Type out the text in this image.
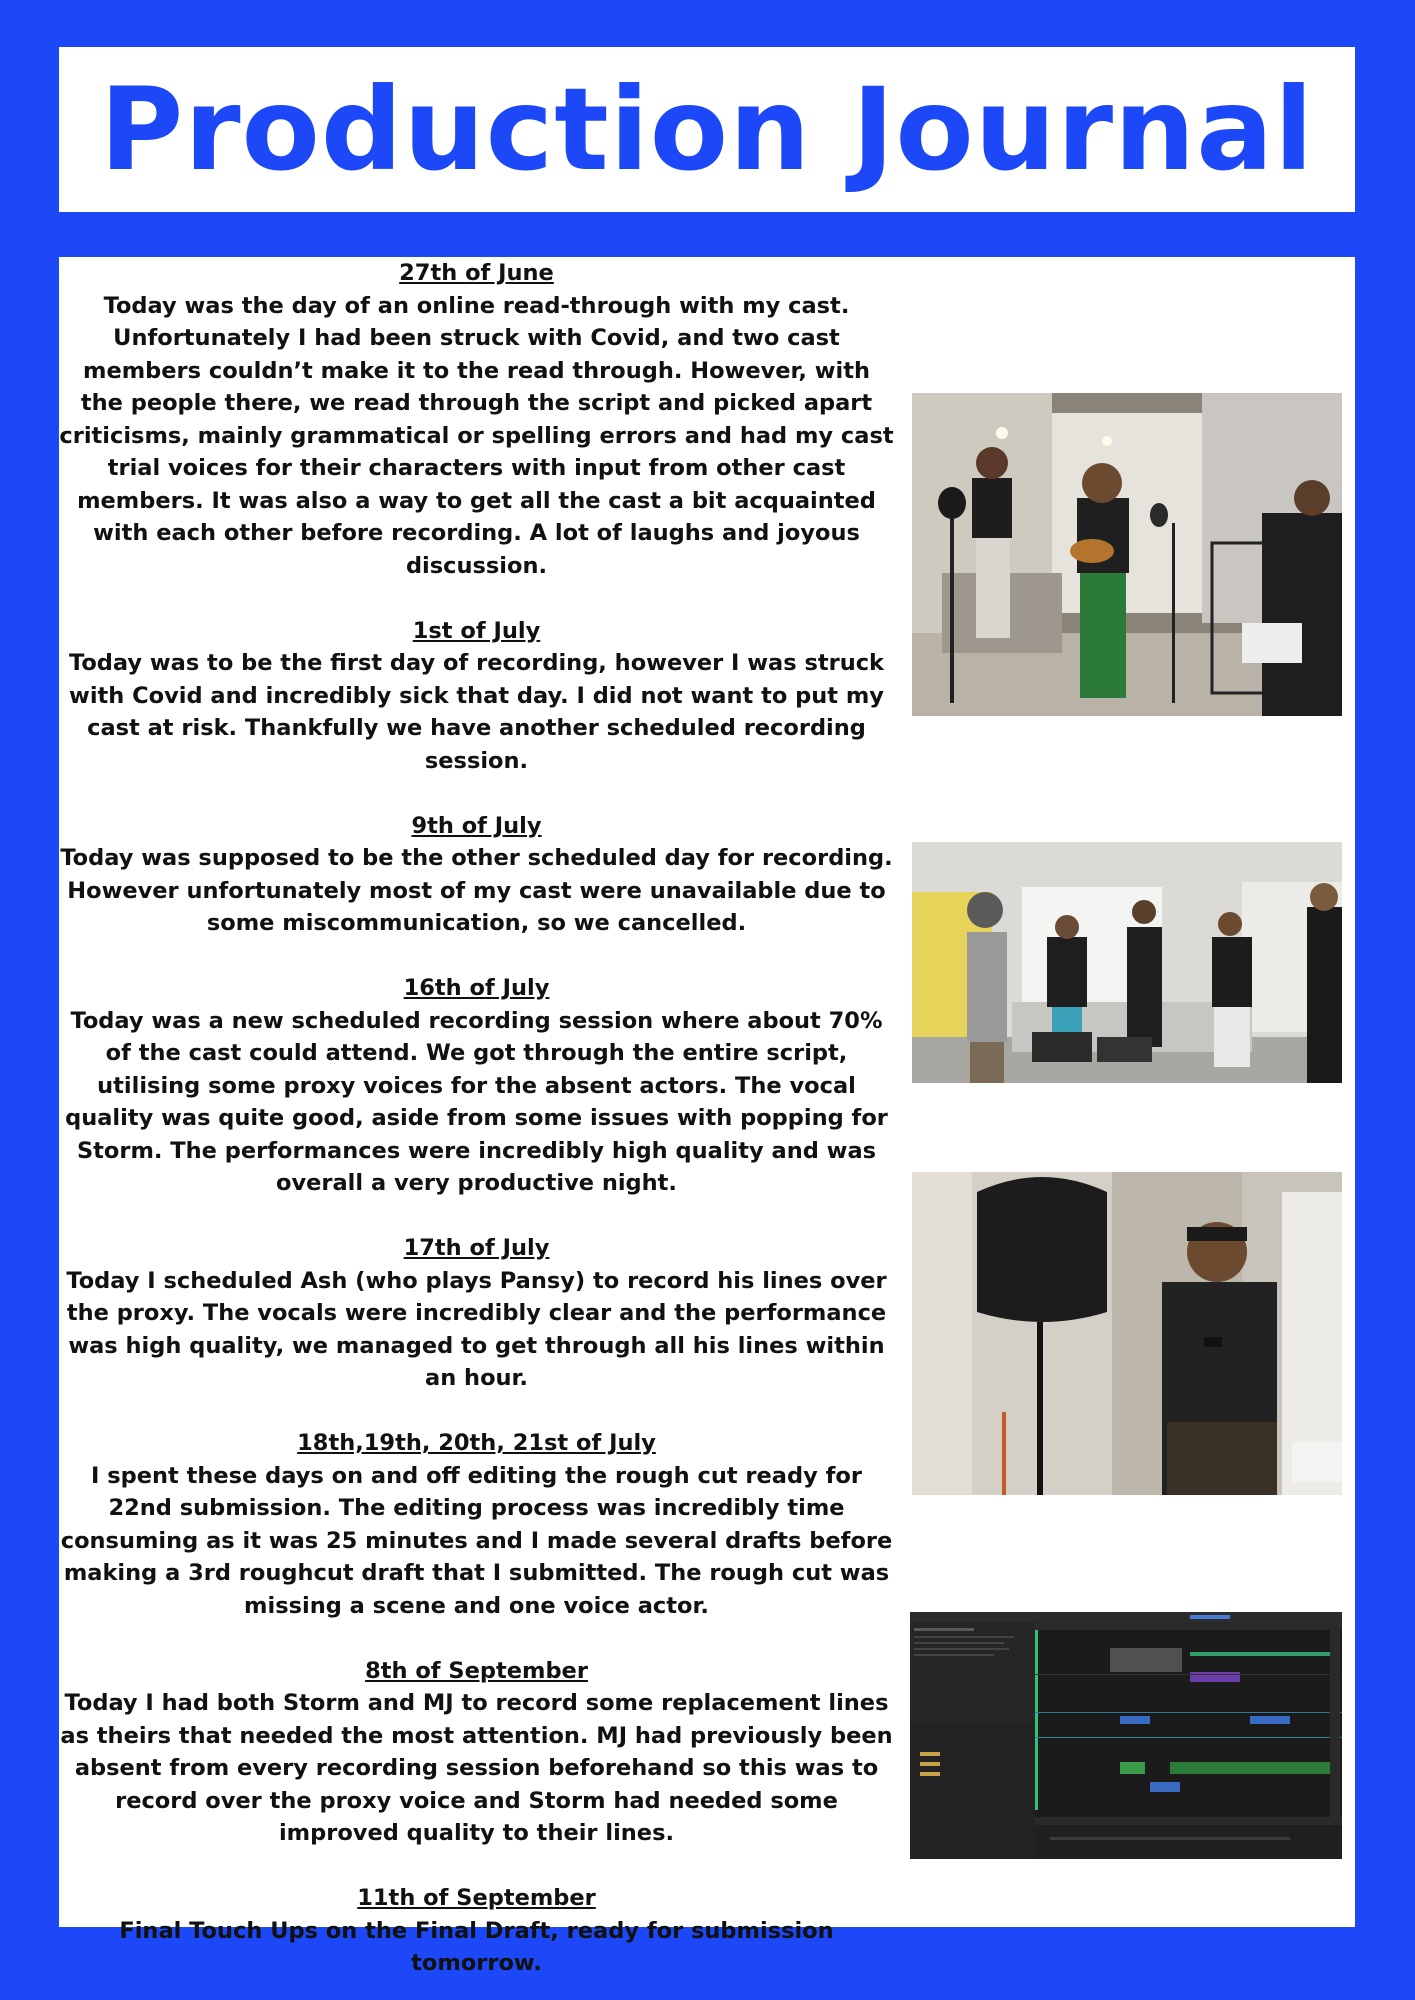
Production Journal
27th of June
Today was the day of an online read-through with my cast. Unfortunately I had been struck with Covid, and two cast members couldn’t make it to the read through. However, with the people there, we read through the script and picked apart criticisms, mainly grammatical or spelling errors and had my cast trial voices for their characters with input from other cast members. It was also a way to get all the cast a bit acquainted with each other before recording. A lot of laughs and joyous discussion.
1st of July
Today was to be the first day of recording, however I was struck with Covid and incredibly sick that day. I did not want to put my cast at risk. Thankfully we have another scheduled recording session.
9th of July
Today was supposed to be the other scheduled day for recording. However unfortunately most of my cast were unavailable due to some miscommunication, so we cancelled.
16th of July
Today was a new scheduled recording session where about 70% of the cast could attend. We got through the entire script, utilising some proxy voices for the absent actors. The vocal quality was quite good, aside from some issues with popping for Storm. The performances were incredibly high quality and was overall a very productive night.
17th of July
Today I scheduled Ash (who plays Pansy) to record his lines over the proxy. The vocals were incredibly clear and the performance was high quality, we managed to get through all his lines within an hour.
18th,19th, 20th, 21st of July
I spent these days on and off editing the rough cut ready for 22nd submission. The editing process was incredibly time consuming as it was 25 minutes and I made several drafts before making a 3rd roughcut draft that I submitted. The rough cut was missing a scene and one voice actor.
8th of September
Today I had both Storm and MJ to record some replacement lines as theirs that needed the most attention. MJ had previously been absent from every recording session beforehand so this was to record over the proxy voice and Storm had needed some improved quality to their lines.
11th of September
Final Touch Ups on the Final Draft, ready for submission tomorrow.
